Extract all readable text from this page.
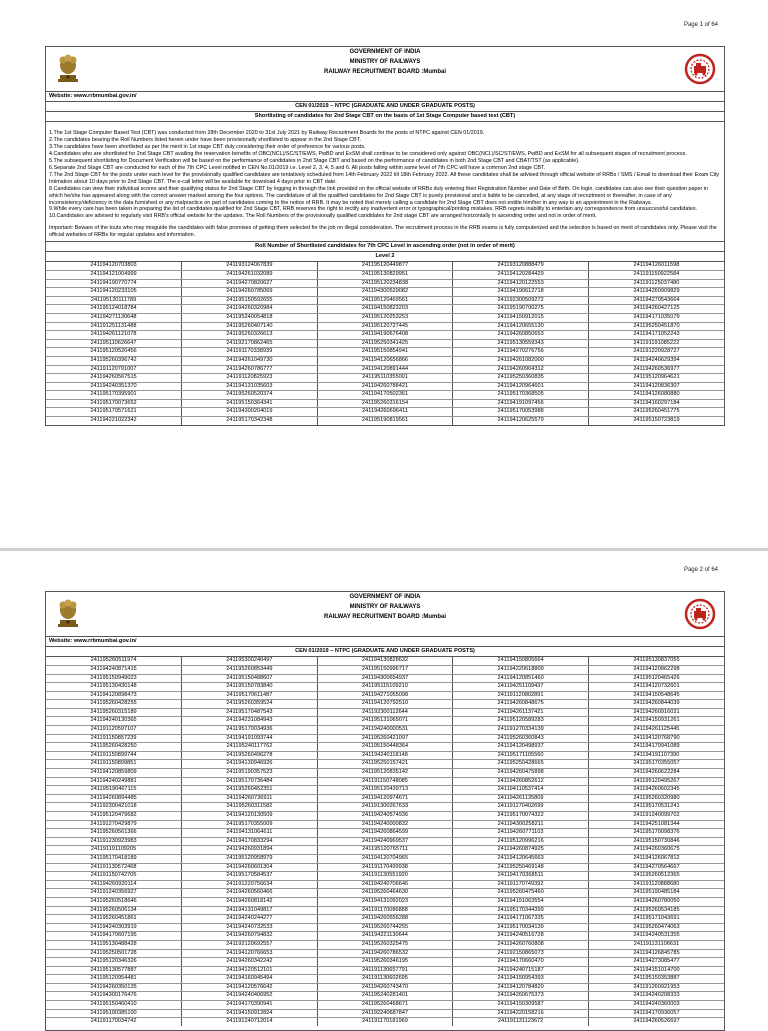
Page 1 of 64
GOVERNMENT OF INDIA
MINISTRY OF RAILWAYS
RAILWAY RECRUITMENT BOARD :Mumbai
Website: www.rrbmumbai.gov.in/
CEN 01/2019 – NTPC (GRADUATE AND UNDER GRADUATE POSTS)
Shortlisting of candidates for 2nd Stage CBT on the basis of 1st Stage Computer based test (CBT)

1.The 1st Stage Computer Based Test (CBT) was conducted from 28th December 2020 to 31st July 2021 by Railway Recruitment Boards for the posts of NTPC against CEN 01/2019.

2.The candidates bearing the Roll Numbers listed herein under have been provisionally shortlisted to appear in the 2nd Stage CBT.

3.The candidates have been shortlisted as per the merit in 1st stage CBT duly considering their order of preference for various posts.

4.Candidates who are shortlisted for 2nd Stage CBT availing the reservation benefits of OBC(NCL)/SC/ST/EWS, PwBD and ExSM shall continue to be considered only against OBC(NCL)/SC/ST/EWS, PwBD and ExSM for all subsequent stages of recruitment process.

5.The subsequent shortlisting for Document Verification will be based on the performance of candidates in 2nd Stage CBT and based on the performance of candidates in both 2nd Stage CBT and CBAT/TST (as applicable).

6.Separate 2nd Stage CBT are conducted for each of the 7th CPC Level notified in CEN No.01/2019 i.e. Level 2, 3, 4, 5 and 6. All posts falling within same level of 7th CPC will have a common 2nd stage CBT.

7.The 2nd Stage CBT for the posts under each level for the provisionally qualified candidates are tentatively scheduled from 14th February 2022 till 18th February 2022. All these candidates shall be advised through official website of RRBs / SMS / Email to download their Exam City Intimation about 10 days prior to 2nd Stage CBT. The e-call letter will be available for download 4 days prior to CBT date.

8.Candidates can view their individual scores and their qualifying status for 2nd Stage CBT by logging in through the link provided on the official website of RRBs duly entering their Registration Number and Date of Birth. On login, candidates can also see their question paper in which he/she has appeared along with the correct answer marked among the four options. The candidature of all the qualified candidates for 2nd Stage CBT is purely provisional and is liable to be cancelled, at any stage of recruitment or thereafter, in case of any inconsistency/deficiency in the data furnished or any malpractice on part of candidates coming to the notice of RRB. It may be noted that merely calling a candidate for 2nd Stage CBT does not entitle him/her in any way to an appointment in the Railways.

9.While every care has been taken in preparing the list of candidates qualified for 2nd Stage CBT, RRB reserves the right to rectify any inadvertent error or typographical/printing mistakes. RRB regrets inability to entertain any correspondence from unsuccessful candidates.

10.Candidates are advised to regularly visit RRB's official website for the updates. The Roll Numbers of the provisionally qualified candidates for 2nd stage CBT are arranged horizontally in ascending order and not in order of merit.

Important: Beware of the touts who may misguide the candidates with false promises of getting them selected for the job on illegal consideration. The recruitment process in the RRB exams is fully computerized and the selection is based on merit of candidates only. Please visit the official websites of RRBs for regular updates and information.

Roll Number of Shortlisted candidates for 7th CPC Level in ascending order (not in order of merit)
Level 2
241194120703803	241193124067839	241195120449877	241193120888479	241194126011598
241194121004999	241194261032089	241195130829951	241194120284429	241191150922584
241194190770774	241194270820627	241195120234838	241194120122553	241191125037480
241194120233105	241194260785069	241194300529082	241194190612718	241194260909829
241195120111789	241195150592655	241195120469561	241192300509272	241194270543664
241195124018784	241194260320984	241194150823203	241195190700275	241194260427125
241194271130648	241195240054818	241195120253253	241194150912015	241194171035079
241191251131488	241195260407140	241195120727445	241194120655130	241195250451870
241194261121078	241195260326613	241194190676408	241194260850653	241194171052243
241195110626647	241192170862465	241195250341425	241195130559343	241191191085222
241195120520456	241191170338939	241195150854941	241194270276756	241191220928727
241195260396742	241194261049730	241194120656866	241194261082000	241194240629394
241191120791007	241194260786777	241194120891444	241194260904312	241194260536977
241194260567515	241191120825923	241195110355001	241195250360835	241195120964621
241194240351370	241194131035603	241194260788421	241194120964601	241194120836307
241195170395901	241195260520374	241194170502361	241195170368505	241194126080880
241195170073652	241195150364341	241195260316154	241194191097456	241194160297184
241195170571621	241194300204019	241194260696411	241195170053988	241195260451775
241194221022342	241195170342348	241195190819561	241194120625579	241195150723819
Page 2 of 64
GOVERNMENT OF INDIA
MINISTRY OF RAILWAYS
RAILWAY RECRUITMENT BOARD :Mumbai
Website: www.rrbmumbai.gov.in/
CEN 01/2019 – NTPC (GRADUATE AND UNDER GRADUATE POSTS)
241195260511974	241195300240497	241194130828632	241194150805664	241195130837055
241194240871415	241195260853449	241195150996717	241194220618809	241194120862298
241195150949023	241195150488607	241194300654937	241194120851460	241195120465426
241195130430148	241195150783840	241195115109210	241194251109437	241194120732601
241194120898473	241195170611487	241194271055098	241191120802891	241194150548645
241195260428255	241195260359524	241194120792510	241194260848675	241194260844039
241195260315189	241195170487543	241192300112644	241194261137421	241194260916031
241194240130365	241194231084943	241195131065071	241195120589283	241194150931261
241191120597107	241195170034936	241194240000531	241191270334139	241194261125445
241191150857239	241194191093744	241195260421097	241195260360843	241194120768790
241195260428250	241195240117762	241195150448364	241194120498937	241194170941089
241191150899744	241195260496278	241194240118148	241195171105560	241194191107390
241191150899851	241194130946926	241195250157421	241195250428665	241195170355057
241194120859809	241195190357523	241195120835142	241194260475898	241194260622284
241194240249881	241195170736484	241191150748085	241194260852612	241195120495267
241195190467115	241195260452351	241195120439713	241194110537414	241194260602345
241194260894485	241194260736911	241194120974671	241194261135809	241195260320980
241192300421018	241195260311582	241191300267633	241191170402699	241195170531241
241195120479682	241194120130509	241194240574936	241195170074322	241191240099702
241191270429879	241195170355009	241194240000832	241194300258211	241194251081344
241195260561366	241194131064611	241194260864599	241194260771103	241195170098376
241191230923983	241194170833294	241194240969537	241195120996216	241195150730846
241191191109205	241194260931894	241195120765711	241194260874925	241194260360675
241195170418189	241195120958979	241194120704965	241194120645663	241194126067812
241191130572468	241194260601304	241191170499938	241195250469148	241194270564667
241191150742705	241195170584537	241191130551920	241194170368511	241195260512365
241194260920114	241191220756634	241194240706646	241191170749392	241191120888680
241191240356927	241194260560466	241195260464630	241195260475460	241195190485184
241195260518646	241194260818142	241194131092023	241194151063554	241194260780050
241195260506134	241194131049817	241191170086888	241195170344399	241195260534185
241195260451861	241194240244277	241194260556288	241194171067335	241195171043691
241194240303919	241194240732533	241195260744255	241195170034139	241195260474063
241194170607195	241194260794832	241194221130644	241194240516728	241194240531355
241195130488428	241192120692557	241195260325475	241194260760808	241191131106631
241195250501728	241194120766653	241194260786532	241192150865073	241194126845785
241195120346326	241194260342242	241195260346195	241194170660470	241194273085477
241195130577887	241194120512101	241191130657791	241194240715187	241194151014700
241195120954481	241194160945494	241191130602695	241194150954393	241195150353887
241194260350135	241194120576642	241194260743470	241194120784820	241191260921953
241194300176476	241194240406952	241195240281401	241194260675373	241194240208333
241195150460410	241194170390941	241195260468671	241194150309587	241194240360003
241195190385100	241194150912824	241192240687847	241194220158216	241194170936057
241191170034742	241191240712014	241191170181969	241191131123672	241194260526697
